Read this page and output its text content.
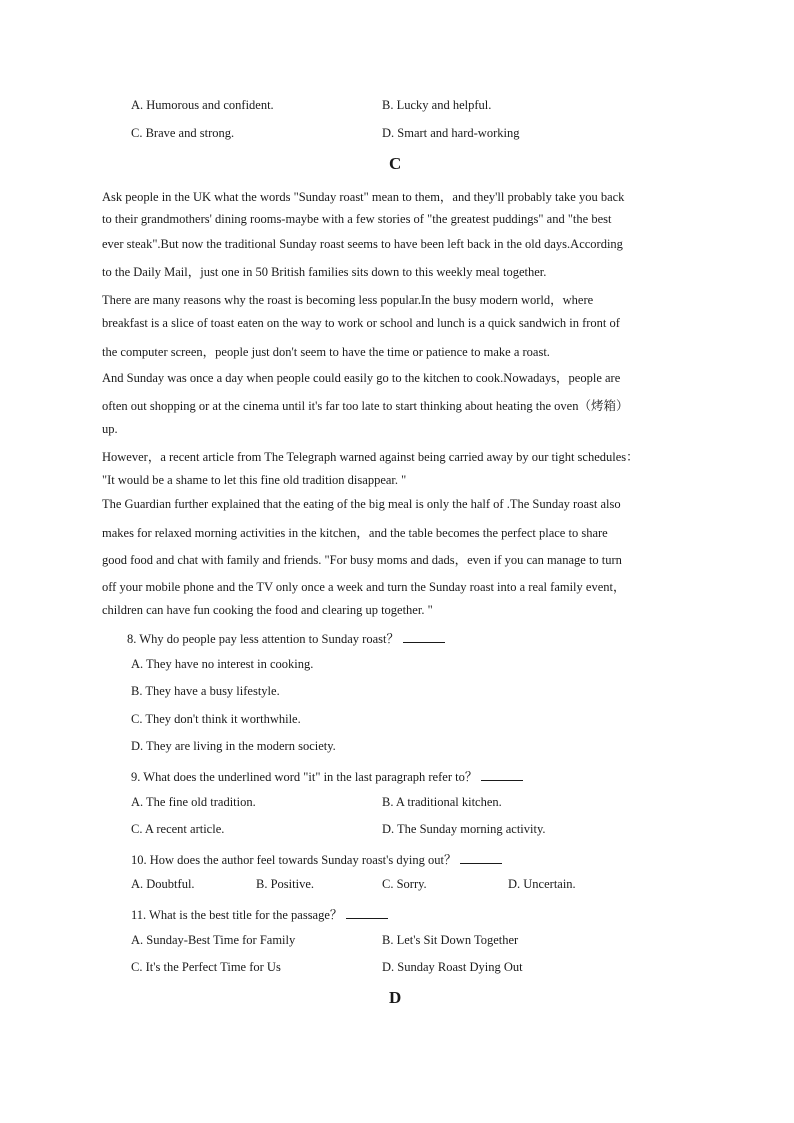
A. Humorous and confident.	B. Lucky and helpful.
C. Brave and strong.	D. Smart and hard-working
C
Ask people in the UK what the words "Sunday roast" mean to them，and they'll probably take you back
to their grandmothers' dining rooms-maybe with a few stories of "the greatest puddings" and "the best
ever steak".But now the traditional Sunday roast seems to have been left back in the old days.According
to the Daily Mail，just one in 50 British families sits down to this weekly meal together.
There are many reasons why the roast is becoming less popular.In the busy modern world，where
breakfast is a slice of toast eaten on the way to work or school and lunch is a quick sandwich in front of
the computer screen，people just don't seem to have the time or patience to make a roast.
And Sunday was once a day when people could easily go to the kitchen to cook.Nowadays，people are
often out shopping or at the cinema until it's far too late to start thinking about heating the oven（烤箱）
up.
However，a recent article from The Telegraph warned against being carried away by our tight schedules：
"It would be a shame to let this fine old tradition disappear. "
The Guardian further explained that the eating of the big meal is only the half of .The Sunday roast also
makes for relaxed morning activities in the kitchen，and the table becomes the perfect place to share
good food and chat with family and friends. "For busy moms and dads，even if you can manage to turn
off your mobile phone and the TV only once a week and turn the Sunday roast into a real family event，
children can have fun cooking the food and clearing up together. "
8. Why do people pay less attention to Sunday roast？
A. They have no interest in cooking.
B. They have a busy lifestyle.
C. They don't think it worthwhile.
D. They are living in the modern society.
9. What does the underlined word "it" in the last paragraph refer to？
A. The fine old tradition.	B. A traditional kitchen.
C. A recent article.	D. The Sunday morning activity.
10. How does the author feel towards Sunday roast's dying out？
A. Doubtful.	B. Positive.	C. Sorry.	D. Uncertain.
11. What is the best title for the passage？
A. Sunday-Best Time for Family	B. Let's Sit Down Together
C. It's the Perfect Time for Us	D. Sunday Roast Dying Out
D
